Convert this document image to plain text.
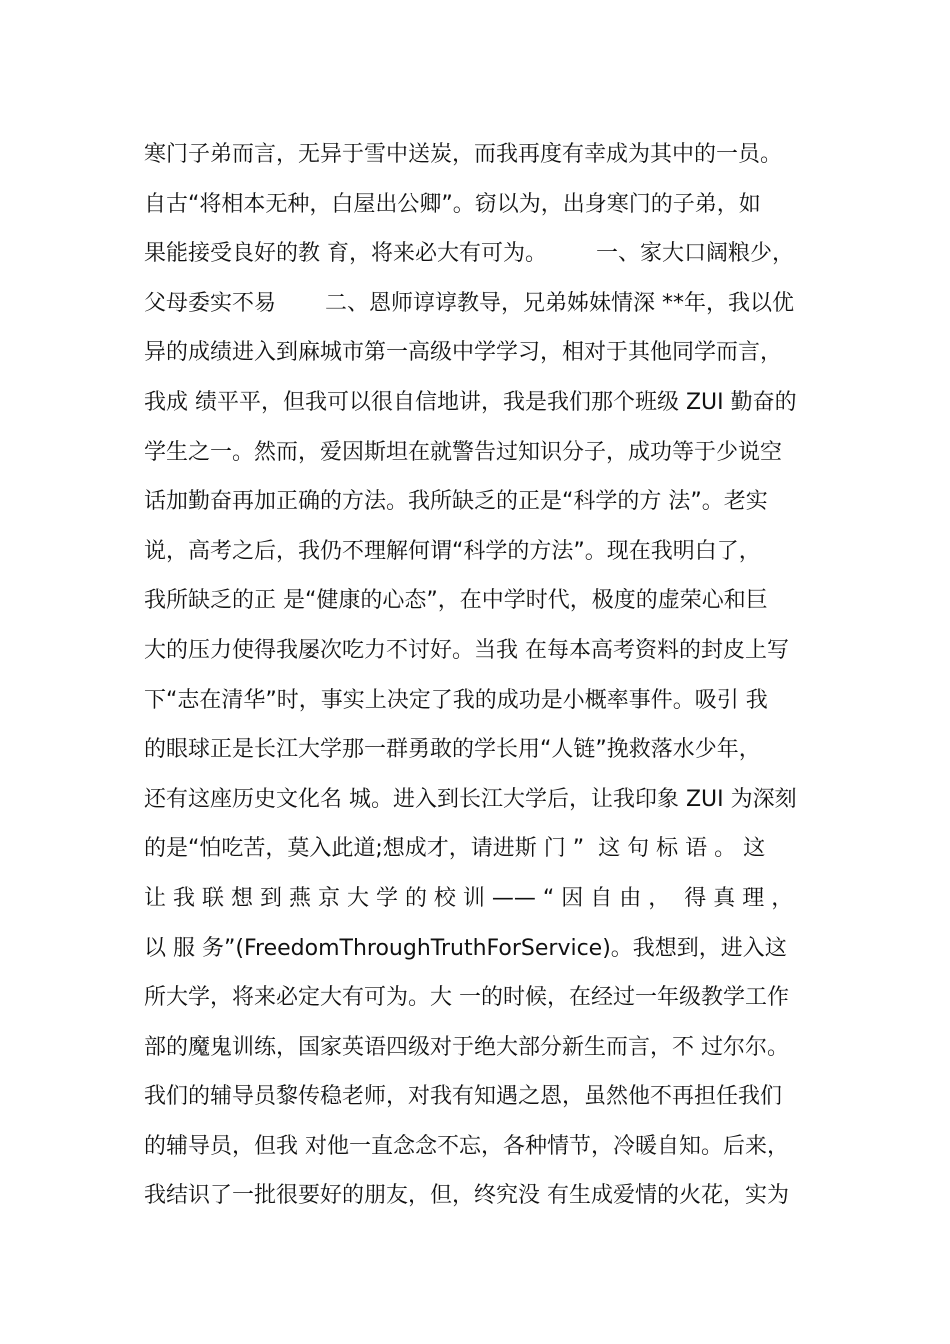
寒门子弟而言，无异于雪中送炭，而我再度有幸成为其中的一员。
自古“将相本无种，白屋出公卿”。窃以为，出身寒门的子弟，如
果能接受良好的教 育，将来必大有可为。       一、家大口阔粮少，
父母委实不易       二、恩师谆谆教导，兄弟姊妹情深 **年，我以优
异的成绩进入到麻城市第一高级中学学习，相对于其他同学而言，
我成 绩平平，但我可以很自信地讲，我是我们那个班级 ZUI 勤奋的
学生之一。然而，爱因斯坦在就警告过知识分子，成功等于少说空
话加勤奋再加正确的方法。我所缺乏的正是“科学的方 法”。老实
说，高考之后，我仍不理解何谓“科学的方法”。现在我明白了，
我所缺乏的正 是“健康的心态”，在中学时代，极度的虚荣心和巨
大的压力使得我屡次吃力不讨好。当我 在每本高考资料的封皮上写
下“志在清华”时，事实上决定了我的成功是小概率事件。吸引 我
的眼球正是长江大学那一群勇敢的学长用“人链”挽救落水少年，
还有这座历史文化名 城。进入到长江大学后，让我印象 ZUI 为深刻
的是“怕吃苦，莫入此道;想成才，请进斯 门 ”  这 句 标 语 。 这
让 我 联 想 到 燕 京 大 学 的 校 训 —— “ 因 自 由 ，  得 真 理 ，
以 服 务”(FreedomThroughTruthForService)。我想到，进入这
所大学，将来必定大有可为。大 一的时候，在经过一年级教学工作
部的魔鬼训练，国家英语四级对于绝大部分新生而言，不 过尔尔。
我们的辅导员黎传稳老师，对我有知遇之恩，虽然他不再担任我们
的辅导员，但我 对他一直念念不忘，各种情节，冷暖自知。后来，
我结识了一批很要好的朋友，但，终究没 有生成爱情的火花，实为
